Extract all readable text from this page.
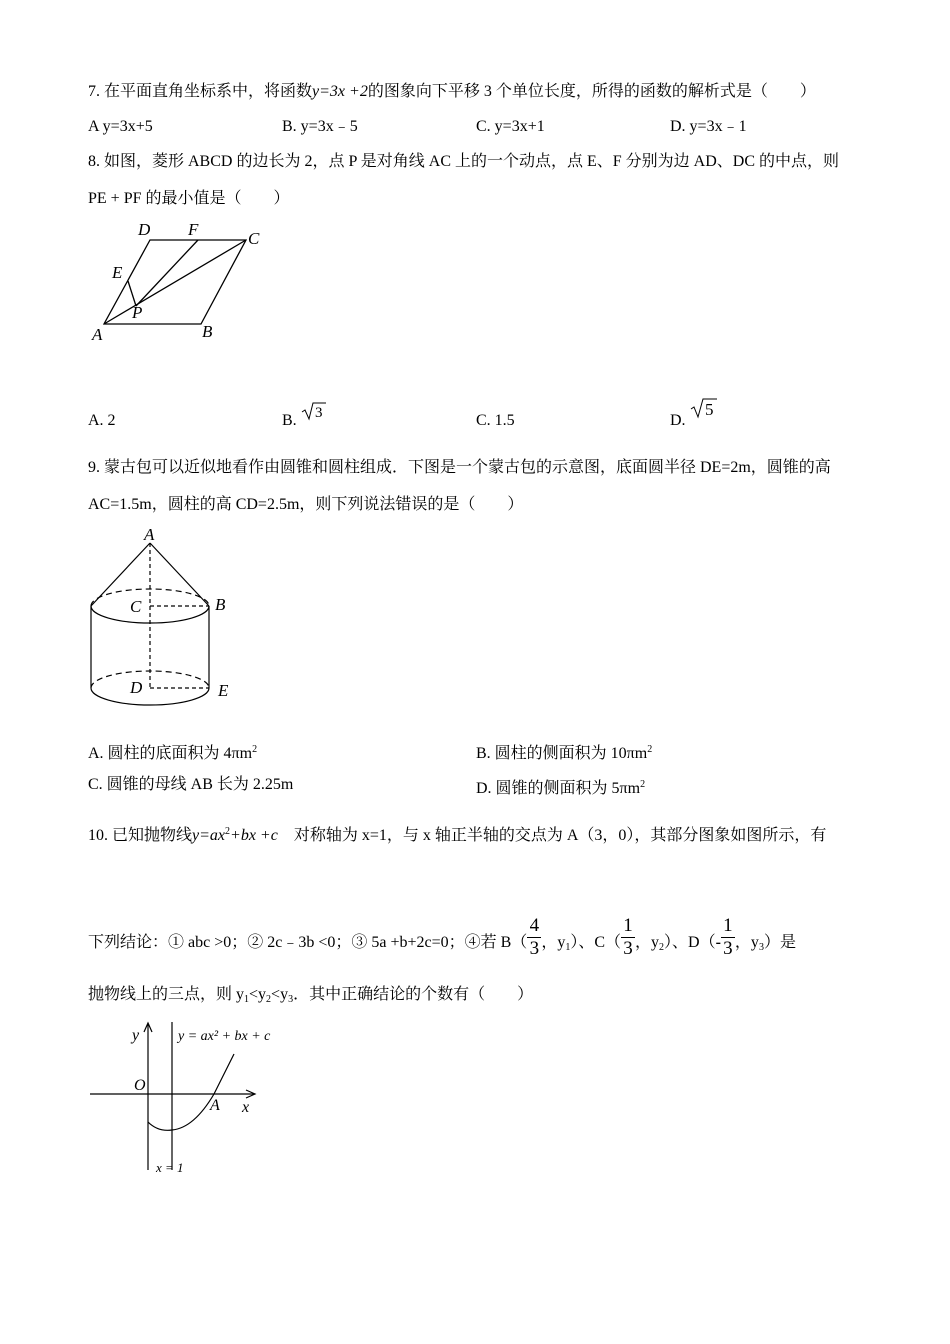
7. 在平面直角坐标系中，将函数y=3x +2的图象向下平移 3 个单位长度，所得的函数的解析式是（　　）
A y=3x+5	B. y=3x﹣5	C. y=3x+1	D. y=3x﹣1
8. 如图，菱形 ABCD 的边长为 2，点 P 是对角线 AC 上的一个动点，点 E、F 分别为边 AD、DC 的中点，则
PE + PF 的最小值是（　　）
A	B
C
D
E
F
P
A. 2	B. 3	C. 1.5	D.
5
9. 蒙古包可以近似地看作由圆锥和圆柱组成．下图是一个蒙古包的示意图，底面圆半径 DE=2m，圆锥的高
AC=1.5m，圆柱的高 CD=2.5m，则下列说法错误的是（　　）
A
B
C
D	E
A. 圆柱的底面积为 $4\pi m^2$	B. 圆柱的侧面积为 $10\pi m^2$
C. 圆锥的母线 AB 长为 2.25m	D. 圆锥的侧面积为 $5\pi m^2$
10. 已知抛物线$y=ax^2+bx +c$ 对称轴为 x=1，与 x 轴正半轴的交点为 A（3，0），其部分图象如图所示，有
下列结论：① abc >0；② 2c﹣3b <0；③ 5a +b+2c=0；④若 $B( \frac{4}{3}$ ，$y_1$）、$C( \frac{1}{3}$ ，$y_2$）、$D(- \frac{1}{3}$ ，$y_3$）是
抛物线上的三点，则 $y_1<y_2<y_3$．其中正确结论的个数有（　　）
y
O
A x
y = ax² + bx + c
x = 1
